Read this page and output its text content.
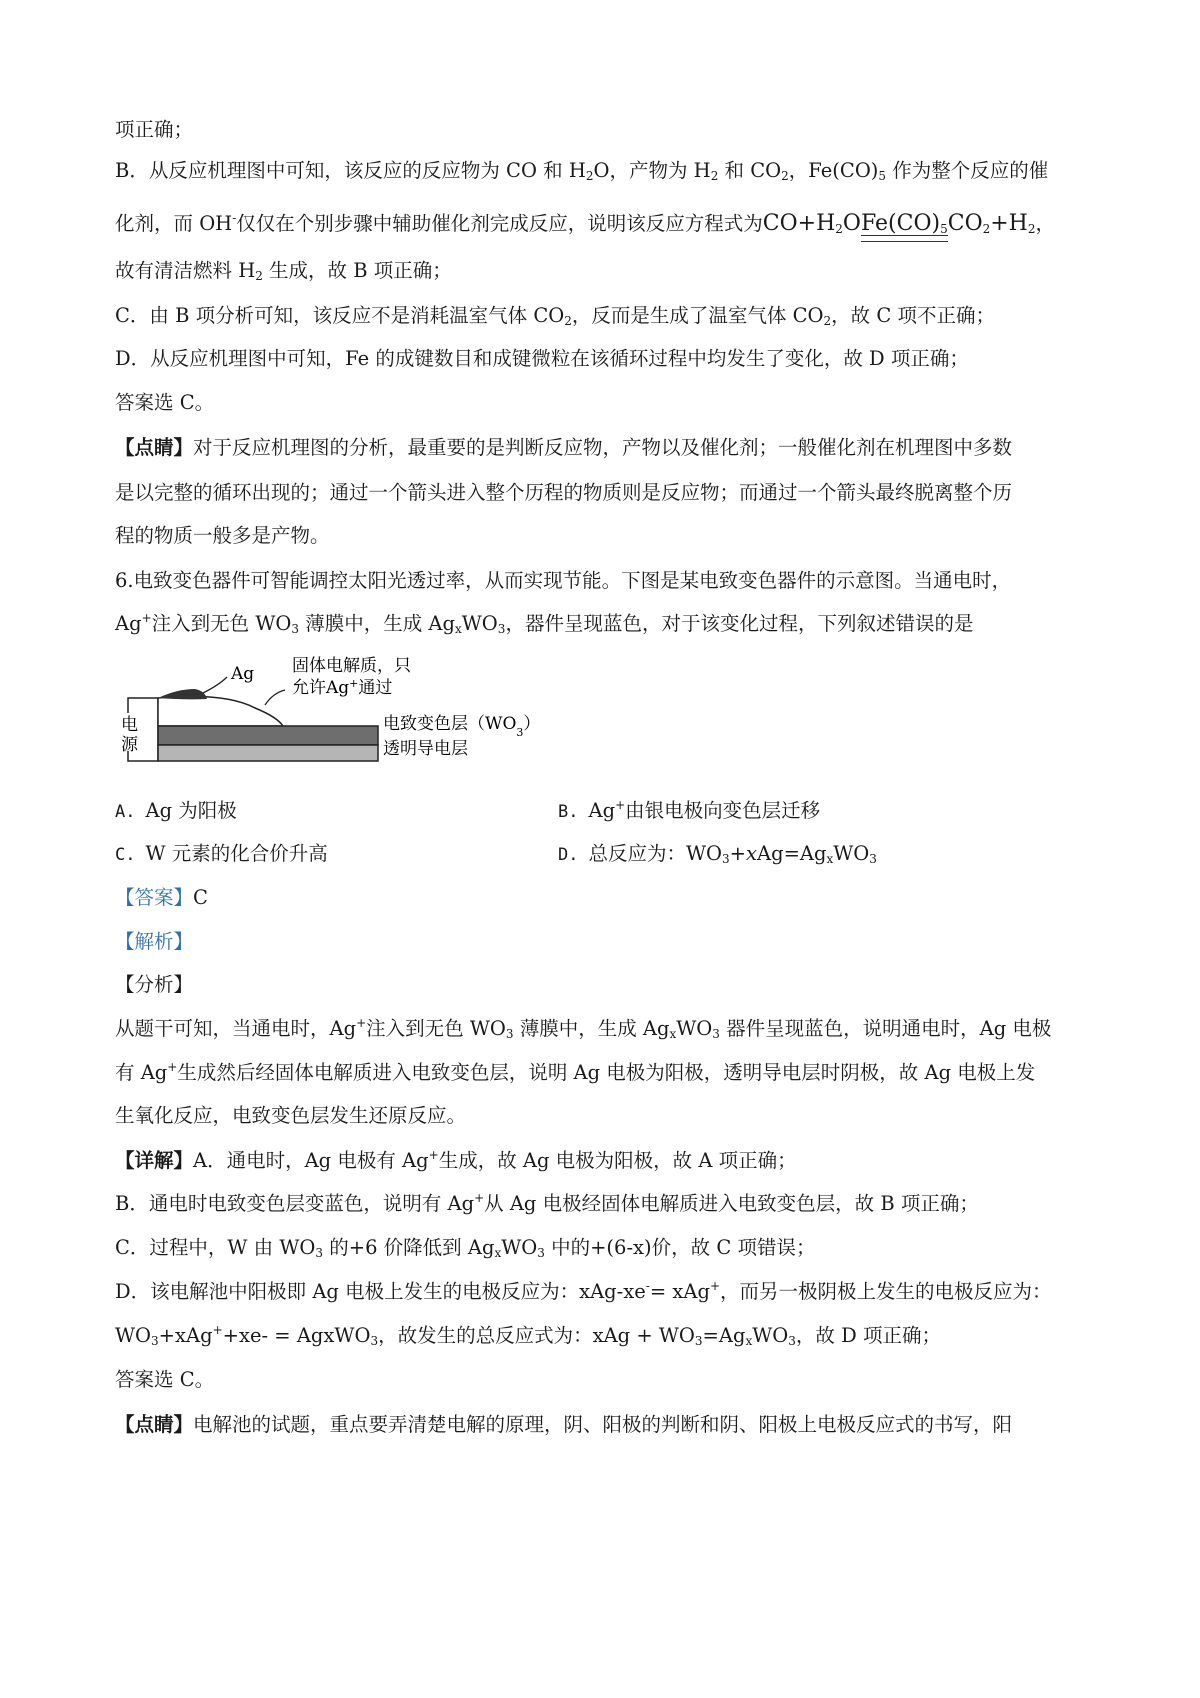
项正确；
B．从反应机理图中可知，该反应的反应物为 CO 和 $H_2O$，产物为 $H_2$ 和 $CO_2$，$Fe(CO)_5$ 作为整个反应的催
化剂，而 OH-仅仅在个别步骤中辅助催化剂完成反应，说明该反应方程式为$CO+H_2OFe(CO)_5$
$CO_2+H_2$，
故有清洁燃料 $H_2$ 生成，故 B 项正确；
C．由 B 项分析可知，该反应不是消耗温室气体 $CO_2$，反而是生成了温室气体 $CO_2$，故 C 项不正确；
D．从反应机理图中可知，Fe 的成键数目和成键微粒在该循环过程中均发生了变化，故 D 项正确；
答案选 C。
【点睛】对于反应机理图的分析，最重要的是判断反应物，产物以及催化剂；一般催化剂在机理图中多数
是以完整的循环出现的；通过一个箭头进入整个历程的物质则是反应物；而通过一个箭头最终脱离整个历
程的物质一般多是产物。
6.电致变色器件可智能调控太阳光透过率，从而实现节能。下图是某电致变色器件的示意图。当通电时，
Ag+注入到无色 $WO_3$ 薄膜中，生成 $Ag_xWO_3$，器件呈现蓝色，对于该变化过程，下列叙述错误的是
电
源
Ag 固体电解质，只
允许Ag+通过
电致变色层$(WO_3)$
透明导电层
A. Ag 为阳极	B. Ag+由银电极向变色层迁移
C. W 元素的化合价升高	D. 总反应为：$WO_3+xAg=Ag_xWO_3$
【答案】C
【解析】
【分析】
从题干可知，当通电时，Ag+注入到无色 $WO_3$ 薄膜中，生成 $Ag_xWO_3$ 器件呈现蓝色，说明通电时，Ag 电极
有 Ag+生成然后经固体电解质进入电致变色层，说明 Ag 电极为阳极，透明导电层时阴极，故 Ag 电极上发
生氧化反应，电致变色层发生还原反应。
【详解】A．通电时，Ag 电极有 Ag+生成，故 Ag 电极为阳极，故 A 项正确；
B．通电时电致变色层变蓝色，说明有 Ag+从 Ag 电极经固体电解质进入电致变色层，故 B 项正确；
C．过程中，W 由 $WO_3$ 的+6 价降低到 $Ag_xWO_3$ 中的+(6-x)价，故 C 项错误；
D．该电解池中阳极即 Ag 电极上发生的电极反应为：xAg-xe-= xAg+，而另一极阴极上发生的电极反应为：
$WO_3+xAg^++xe-$ = AgxWO$_3$，故发生的总反应式为：xAg + $WO_3=Ag_xWO_3$，故 D 项正确；
答案选 C。
【点睛】电解池的试题，重点要弄清楚电解的原理，阴、阳极的判断和阴、阳极上电极反应式的书写，阳
